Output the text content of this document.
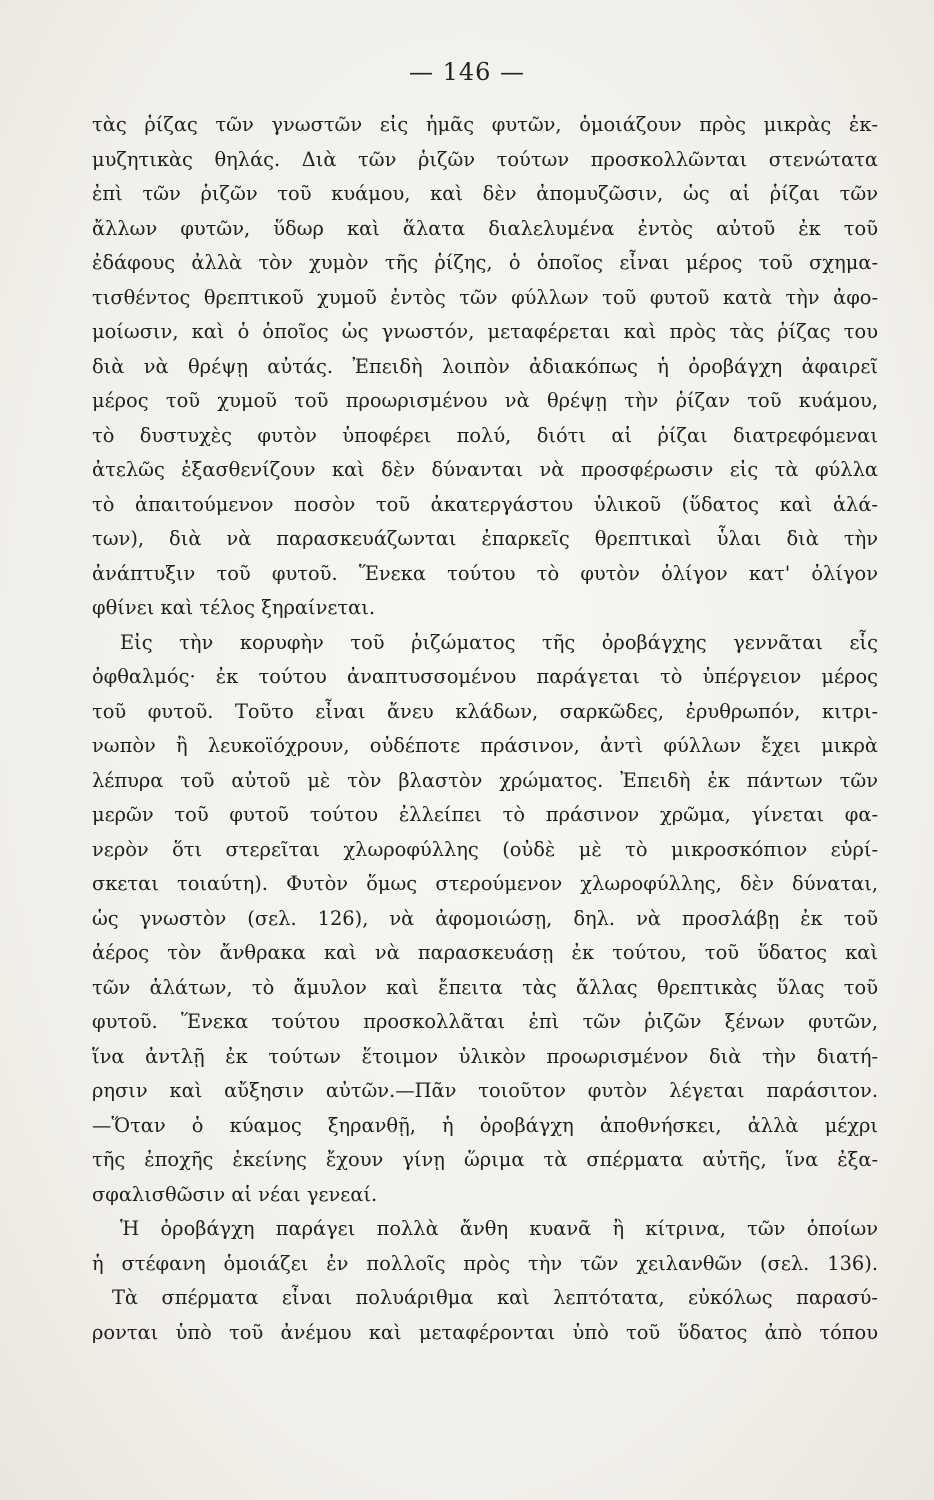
— 146 —
τὰς ῥίζας τῶν γνωστῶν εἰς ἡμᾶς φυτῶν, ὁμοιάζουν πρὸς μικρὰς ἐκ-
μυζητικὰς θηλάς. Διὰ τῶν ῥιζῶν τούτων προσκολλῶνται στενώτατα
ἐπὶ τῶν ῥιζῶν τοῦ κυάμου, καὶ δὲν ἀπομυζῶσιν, ὡς αἱ ῥίζαι τῶν
ἄλλων φυτῶν, ὕδωρ καὶ ἅλατα διαλελυμένα ἐντὸς αὐτοῦ ἐκ τοῦ
ἐδάφους ἀλλὰ τὸν χυμὸν τῆς ῥίζης, ὁ ὁποῖος εἶναι μέρος τοῦ σχημα-
τισθέντος θρεπτικοῦ χυμοῦ ἐντὸς τῶν φύλλων τοῦ φυτοῦ κατὰ τὴν ἀφο-
μοίωσιν, καὶ ὁ ὁποῖος ὡς γνωστόν, μεταφέρεται καὶ πρὸς τὰς ῥίζας του
διὰ νὰ θρέψῃ αὐτάς. Ἐπειδὴ λοιπὸν ἀδιακόπως ἡ ὀροβάγχη ἀφαιρεῖ
μέρος τοῦ χυμοῦ τοῦ προωρισμένου νὰ θρέψῃ τὴν ῥίζαν τοῦ κυάμου,
τὸ δυστυχὲς φυτὸν ὑποφέρει πολύ, διότι αἱ ῥίζαι διατρεφόμεναι
ἀτελῶς ἐξασθενίζουν καὶ δὲν δύνανται νὰ προσφέρωσιν εἰς τὰ φύλλα
τὸ ἀπαιτούμενον ποσὸν τοῦ ἀκατεργάστου ὑλικοῦ (ὕδατος καὶ ἁλά-
των), διὰ νὰ παρασκευάζωνται ἐπαρκεῖς θρεπτικαὶ ὗλαι διὰ τὴν
ἀνάπτυξιν τοῦ φυτοῦ. Ἕνεκα τούτου τὸ φυτὸν ὀλίγον κατ' ὀλίγον
φθίνει καὶ τέλος ξηραίνεται.
Εἰς τὴν κορυφὴν τοῦ ῥιζώματος τῆς ὀροβάγχης γεννᾶται εἷς
ὀφθαλμός· ἐκ τούτου ἀναπτυσσομένου παράγεται τὸ ὑπέργειον μέρος
τοῦ φυτοῦ. Τοῦτο εἶναι ἄνευ κλάδων, σαρκῶδες, ἐρυθρωπόν, κιτρι-
νωπὸν ἢ λευκοϊόχρουν, οὐδέποτε πράσινον, ἀντὶ φύλλων ἔχει μικρὰ
λέπυρα τοῦ αὐτοῦ μὲ τὸν βλαστὸν χρώματος. Ἐπειδὴ ἐκ πάντων τῶν
μερῶν τοῦ φυτοῦ τούτου ἐλλείπει τὸ πράσινον χρῶμα, γίνεται φα-
νερὸν ὅτι στερεῖται χλωροφύλλης (οὐδὲ μὲ τὸ μικροσκόπιον εὑρί-
σκεται τοιαύτη). Φυτὸν ὅμως στερούμενον χλωροφύλλης, δὲν δύναται,
ὡς γνωστὸν (σελ. 126), νὰ ἀφομοιώσῃ, δηλ. νὰ προσλάβῃ ἐκ τοῦ
ἀέρος τὸν ἄνθρακα καὶ νὰ παρασκευάσῃ ἐκ τούτου, τοῦ ὕδατος καὶ
τῶν ἁλάτων, τὸ ἄμυλον καὶ ἔπειτα τὰς ἄλλας θρεπτικὰς ὕλας τοῦ
φυτοῦ. Ἕνεκα τούτου προσκολλᾶται ἐπὶ τῶν ῥιζῶν ξένων φυτῶν,
ἵνα ἀντλῇ ἐκ τούτων ἕτοιμον ὑλικὸν προωρισμένον διὰ τὴν διατή-
ρησιν καὶ αὔξησιν αὐτῶν.—Πᾶν τοιοῦτον φυτὸν λέγεται παράσιτον.
—Ὅταν ὁ κύαμος ξηρανθῇ, ἡ ὀροβάγχη ἀποθνήσκει, ἀλλὰ μέχρι
τῆς ἐποχῆς ἐκείνης ἔχουν γίνῃ ὥριμα τὰ σπέρματα αὐτῆς, ἵνα ἐξα-
σφαλισθῶσιν αἱ νέαι γενεαί.
Ἡ ὀροβάγχη παράγει πολλὰ ἄνθη κυανᾶ ἢ κίτρινα, τῶν ὁποίων
ἡ στέφανη ὁμοιάζει ἐν πολλοῖς πρὸς τὴν τῶν χειλανθῶν (σελ. 136).
Τὰ σπέρματα εἶναι πολυάριθμα καὶ λεπτότατα, εὐκόλως παρασύ-
ρονται ὑπὸ τοῦ ἀνέμου καὶ μεταφέρονται ὑπὸ τοῦ ὕδατος ἀπὸ τόπου
